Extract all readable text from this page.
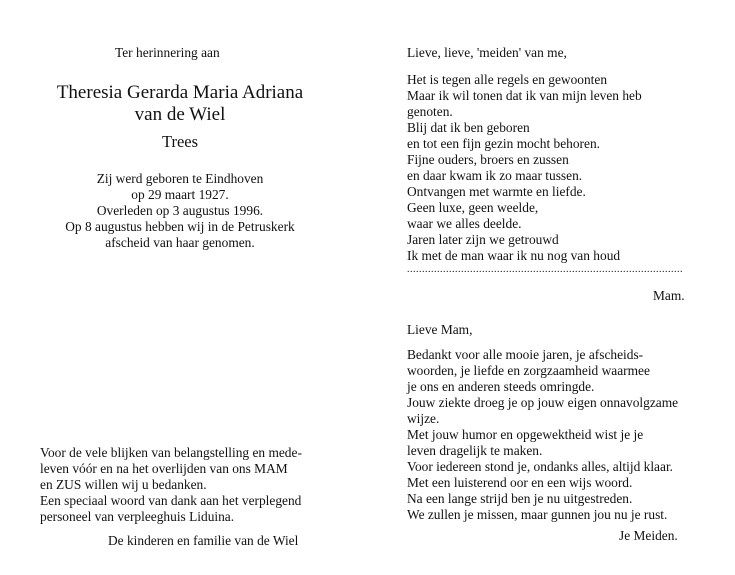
Ter herinnering aan
Theresia Gerarda Maria Adriana
van de Wiel
Trees
Zij werd geboren te Eindhoven
op 29 maart 1927.
Overleden op 3 augustus 1996.
Op 8 augustus hebben wij in de Petruskerk
afscheid van haar genomen.
Voor de vele blijken van belangstelling en mede-
leven vóór en na het overlijden van ons MAM
en ZUS willen wij u bedanken.
Een speciaal woord van dank aan het verplegend
personeel van verpleeghuis Liduina.
De kinderen en familie van de Wiel
Lieve, lieve, 'meiden' van me,
Het is tegen alle regels en gewoonten
Maar ik wil tonen dat ik van mijn leven heb
genoten.
Blij dat ik ben geboren
en tot een fijn gezin mocht behoren.
Fijne ouders, broers en zussen
en daar kwam ik zo maar tussen.
Ontvangen met warmte en liefde.
Geen luxe, geen weelde,
waar we alles deelde.
Jaren later zijn we getrouwd
Ik met de man waar ik nu nog van houd
............................................................................................
Mam.
Lieve Mam,
Bedankt voor alle mooie jaren, je afscheids-
woorden, je liefde en zorgzaamheid waarmee
je ons en anderen steeds omringde.
Jouw ziekte droeg je op jouw eigen onnavolgzame
wijze.
Met jouw humor en opgewektheid wist je je
leven dragelijk te maken.
Voor iedereen stond je, ondanks alles, altijd klaar.
Met een luisterend oor en een wijs woord.
Na een lange strijd ben je nu uitgestreden.
We zullen je missen, maar gunnen jou nu je rust.
Je Meiden.
